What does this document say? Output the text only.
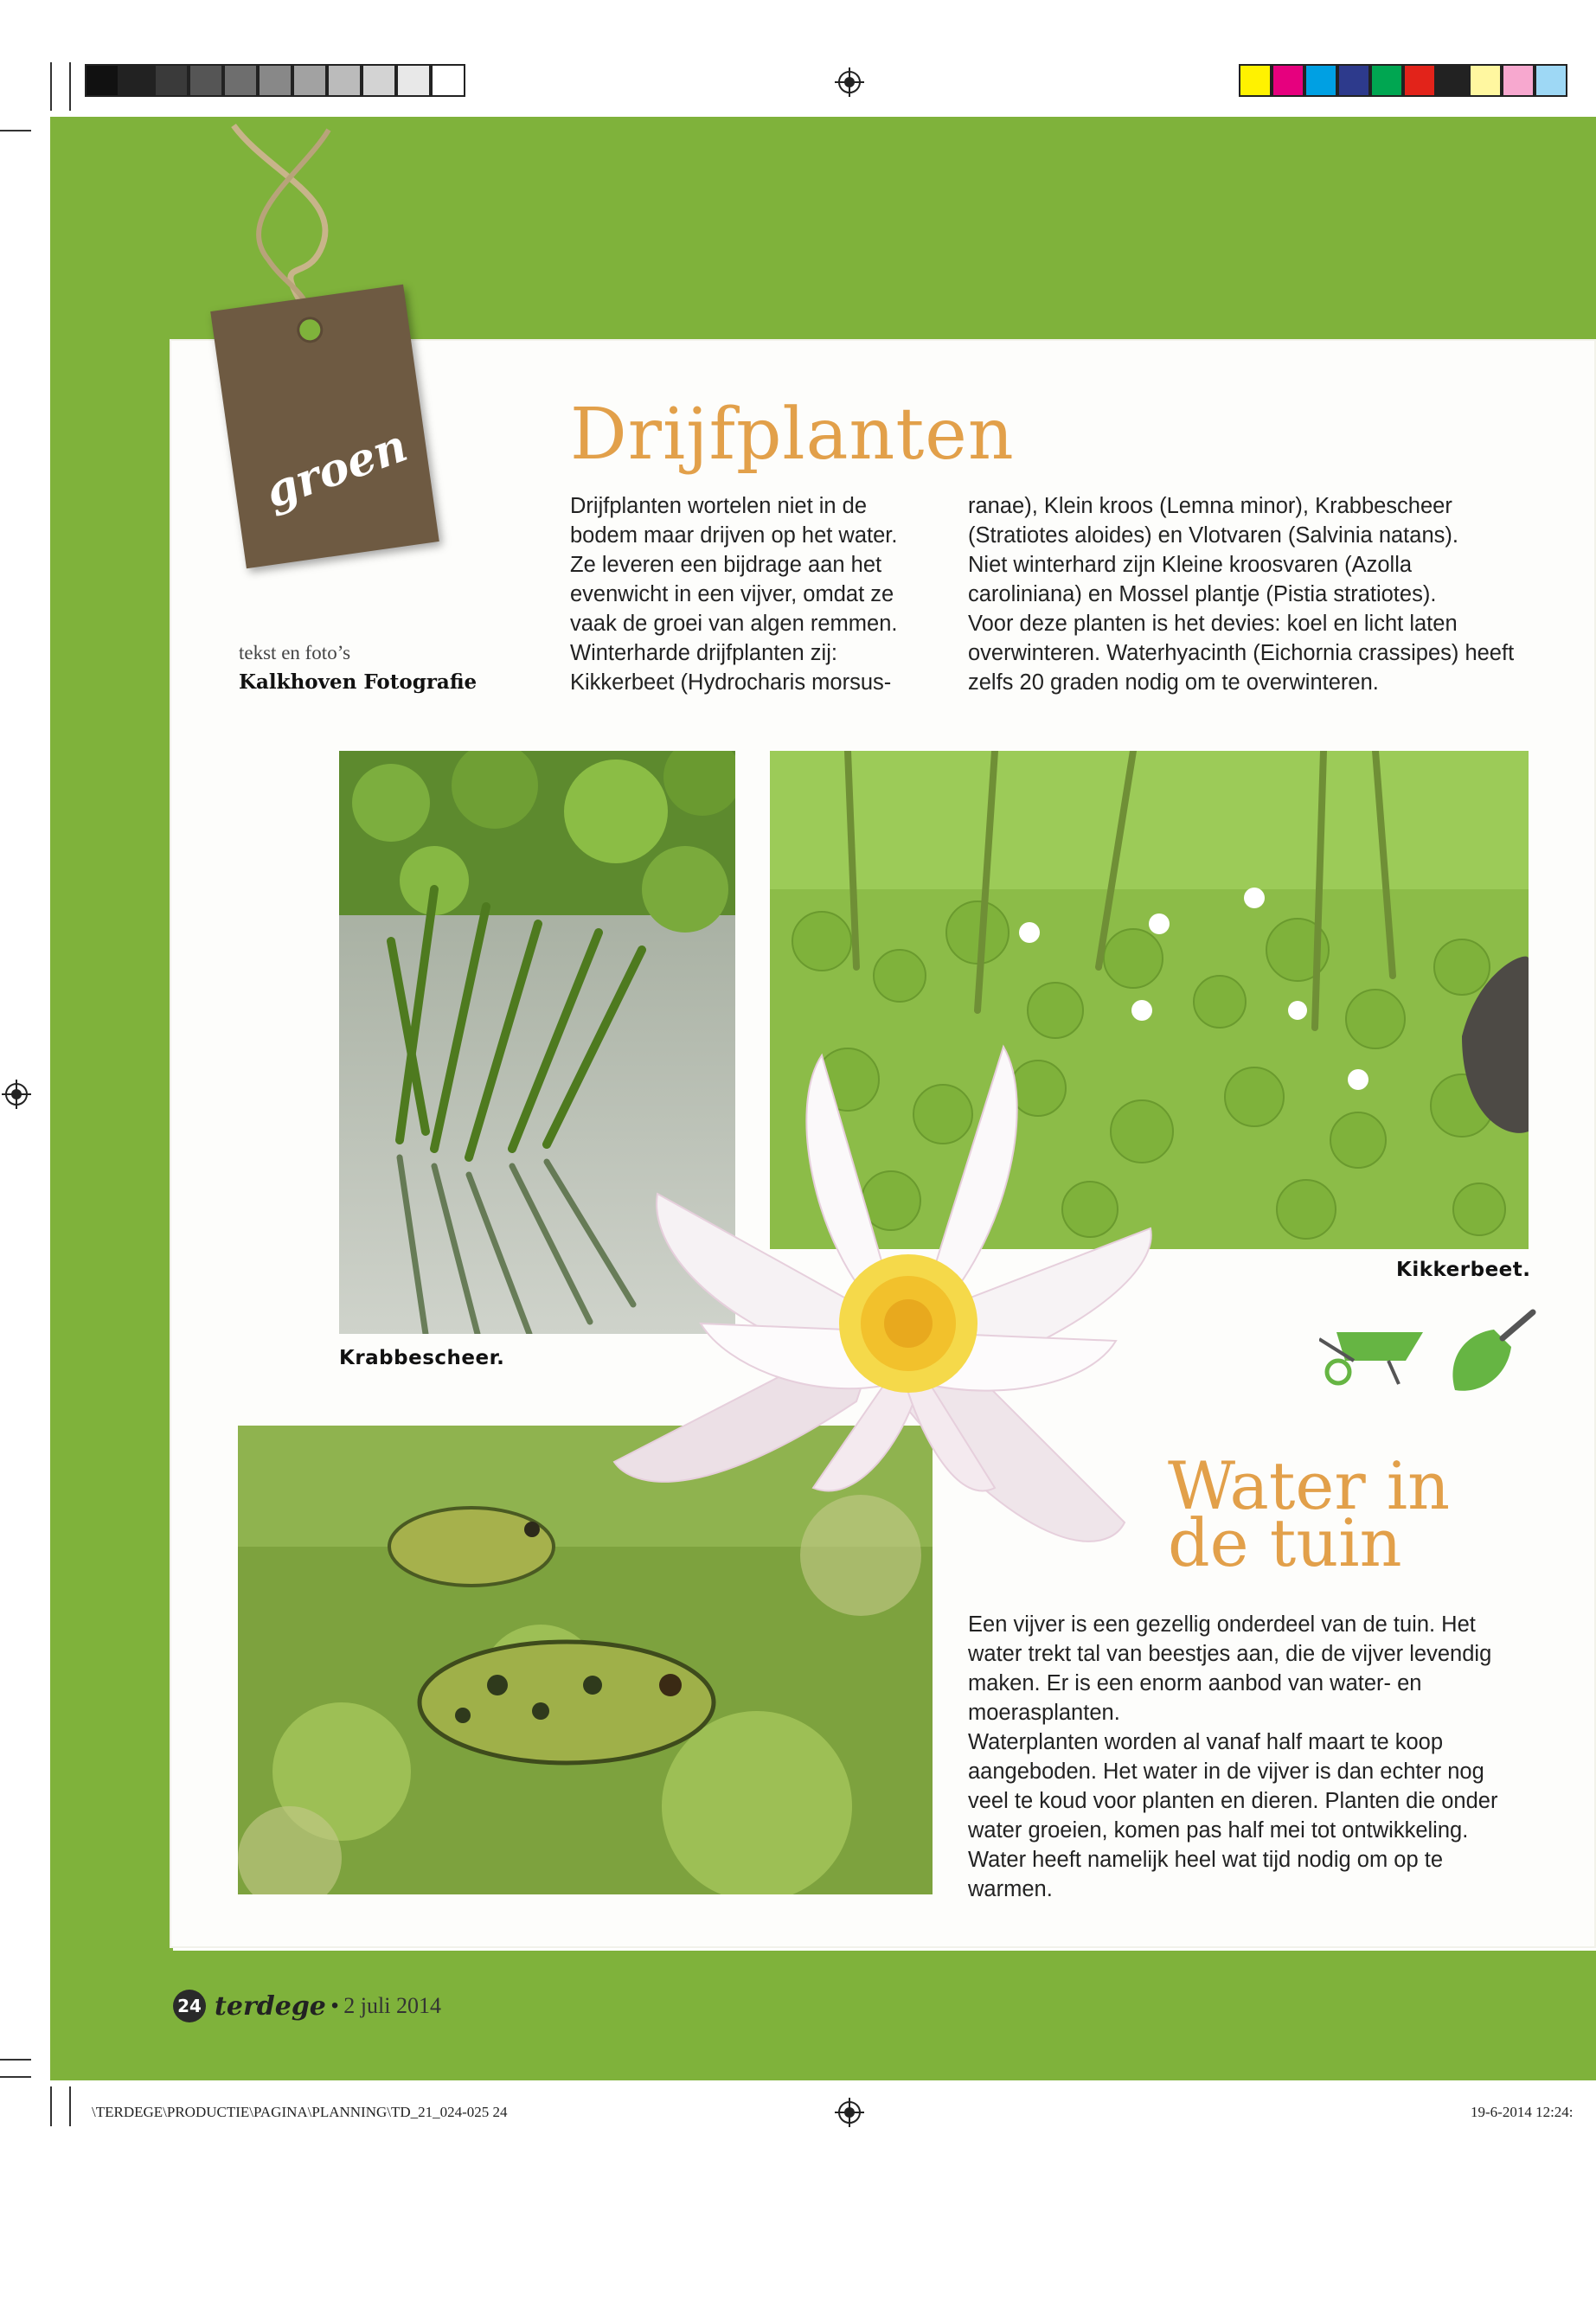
groen
tekst en foto’s
Kalkhoven Fotografie
Drijfplanten

Drijfplanten wortelen niet in de

bodem maar drijven op het water.

Ze leveren een bijdrage aan het

evenwicht in een vijver, omdat ze

vaak de groei van algen remmen.

Winterharde drijfplanten zij:

Kikkerbeet (Hydrocharis morsus-

ranae), Klein kroos (Lemna minor), Krabbescheer

(Stratiotes aloides) en Vlotvaren (Salvinia natans).

Niet winterhard zijn Kleine kroosvaren (Azolla

caroliniana) en Mossel plantje (Pistia stratiotes).

Voor deze planten is het devies: koel en licht laten

overwinteren. Waterhyacinth (Eichornia crassipes) heeft

zelfs 20 graden nodig om te overwinteren.

Krabbescheer.
Kikkerbeet.
Water in
de tuin

Een vijver is een gezellig onderdeel van de tuin. Het

water trekt tal van beestjes aan, die de vijver levendig

maken. Er is een enorm aanbod van water- en

moerasplanten.

Waterplanten worden al vanaf half maart te koop

aangeboden. Het water in de vijver is dan echter nog

veel te koud voor planten en dieren. Planten die onder

water groeien, komen pas half mei tot ontwikkeling.

Water heeft namelijk heel wat tijd nodig om op te

warmen.

24 terdege • 2 juli 2014
\TERDEGE\PRODUCTIE\PAGINA\PLANNING\TD_21_024-025 24	19-6-2014 12:24:
